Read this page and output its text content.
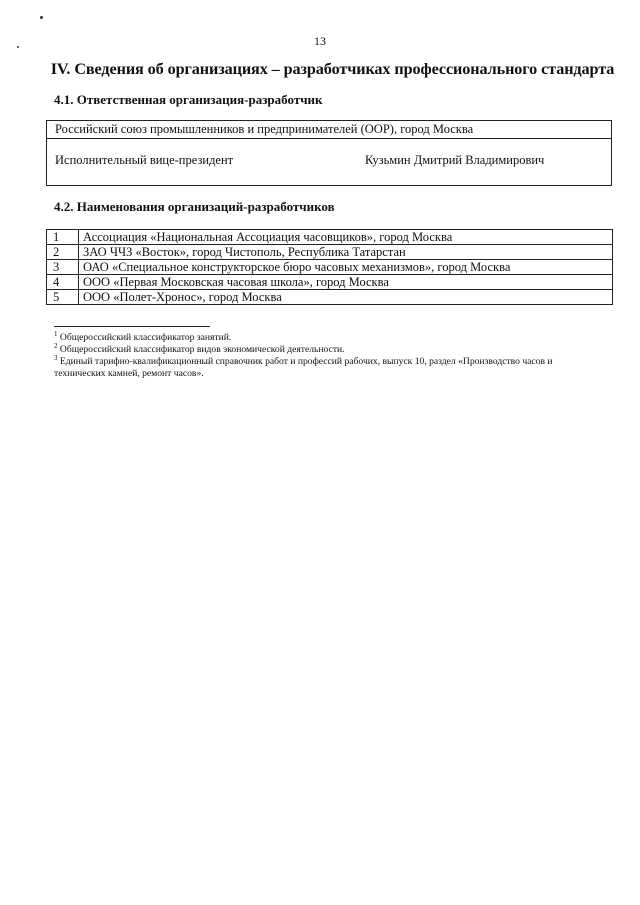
13
IV. Сведения об организациях – разработчиках профессионального стандарта
4.1. Ответственная организация-разработчик
Российский союз промышленников и предпринимателей (ООР), город Москва
Исполнительный вице-президент	Кузьмин Дмитрий Владимирович
4.2. Наименования организаций-разработчиков
1	Ассоциация «Национальная Ассоциация часовщиков», город Москва
2	ЗАО ЧЧЗ «Восток», город Чистополь, Республика Татарстан
3	ОАО «Специальное конструкторское бюро часовых механизмов», город Москва
4	ООО «Первая Московская часовая школа», город Москва
5	ООО «Полет-Хронос», город Москва

$^1$ Общероссийский классификатор занятий.

$^2$ Общероссийский классификатор видов экономической деятельности.

$^3$ Единый тарифно-квалификационный справочник работ и профессий рабочих, выпуск 10, раздел «Производство часов и технических камней, ремонт часов».
